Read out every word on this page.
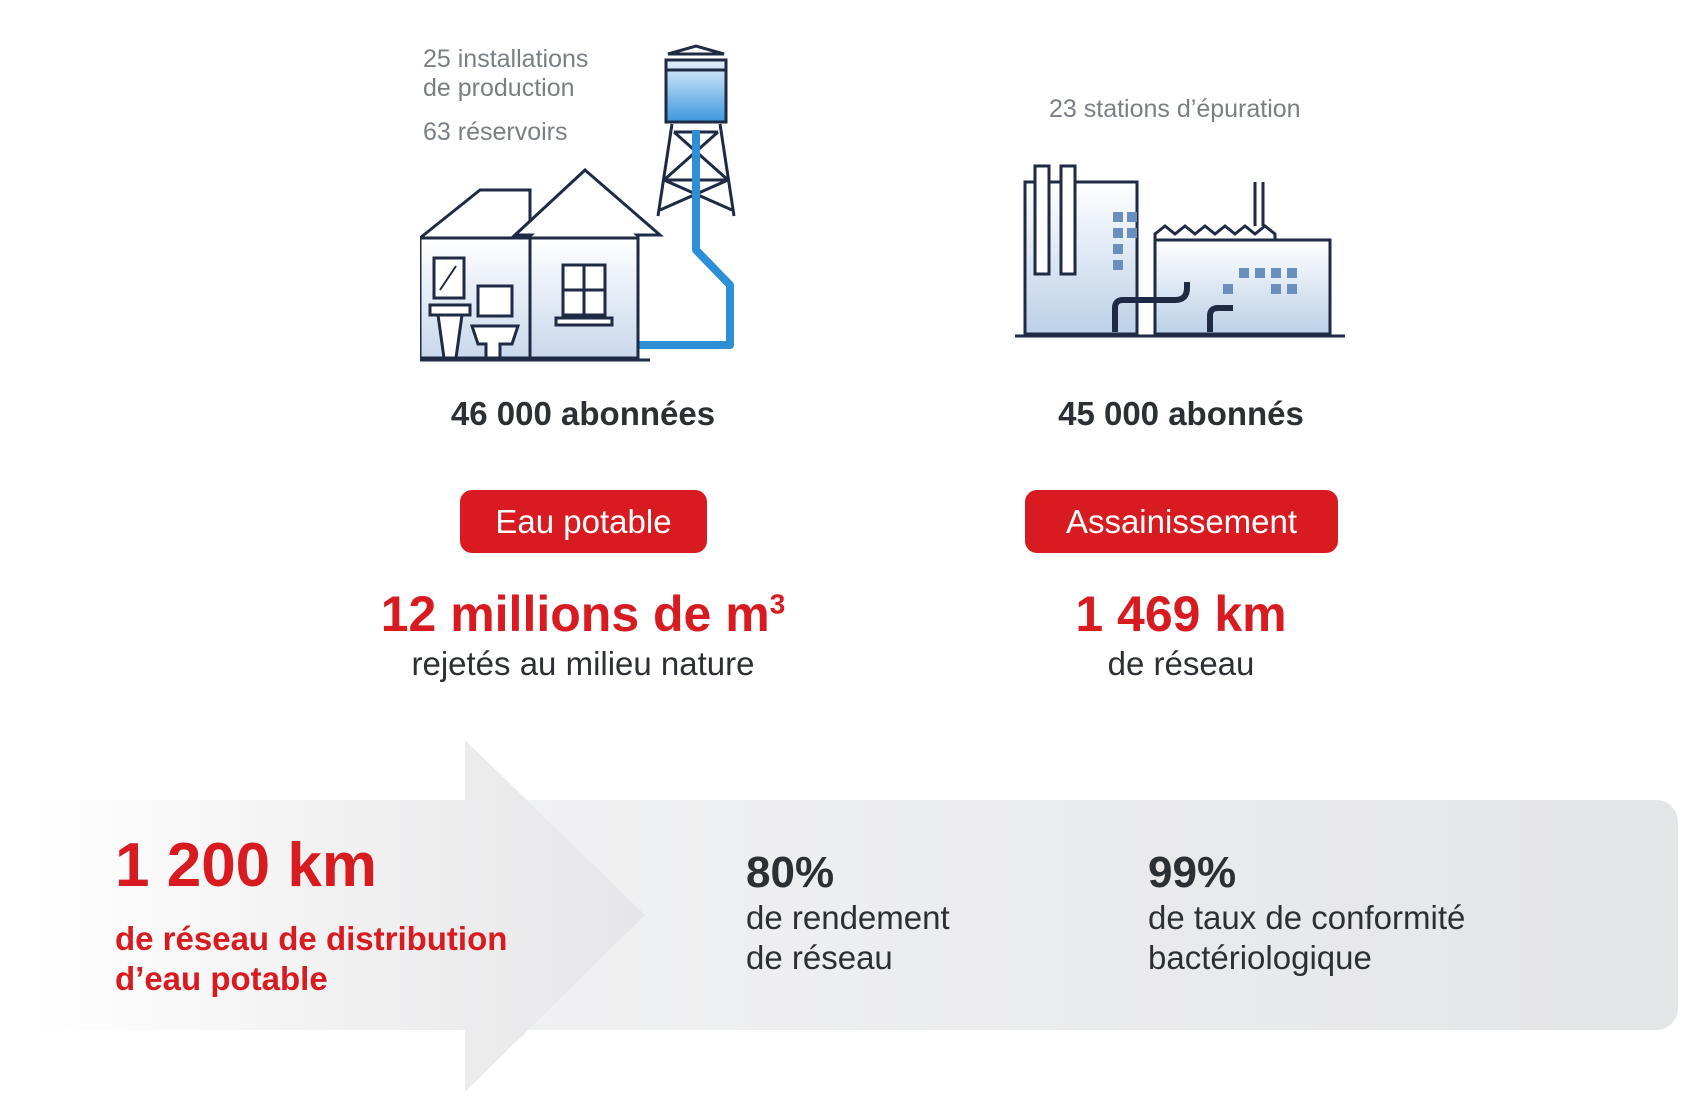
25 installations
de production
63 réservoirs
46 000 abonnées
Eau potable
12 millions de $m^3$
rejetés au milieu nature
23 stations d’épuration
45 000 abonnés
Assainissement
1 469 km
de réseau
1 200 km
de réseau de distribution
d’eau potable
80%
de rendement
de réseau
99%
de taux de conformité
bactériologique
